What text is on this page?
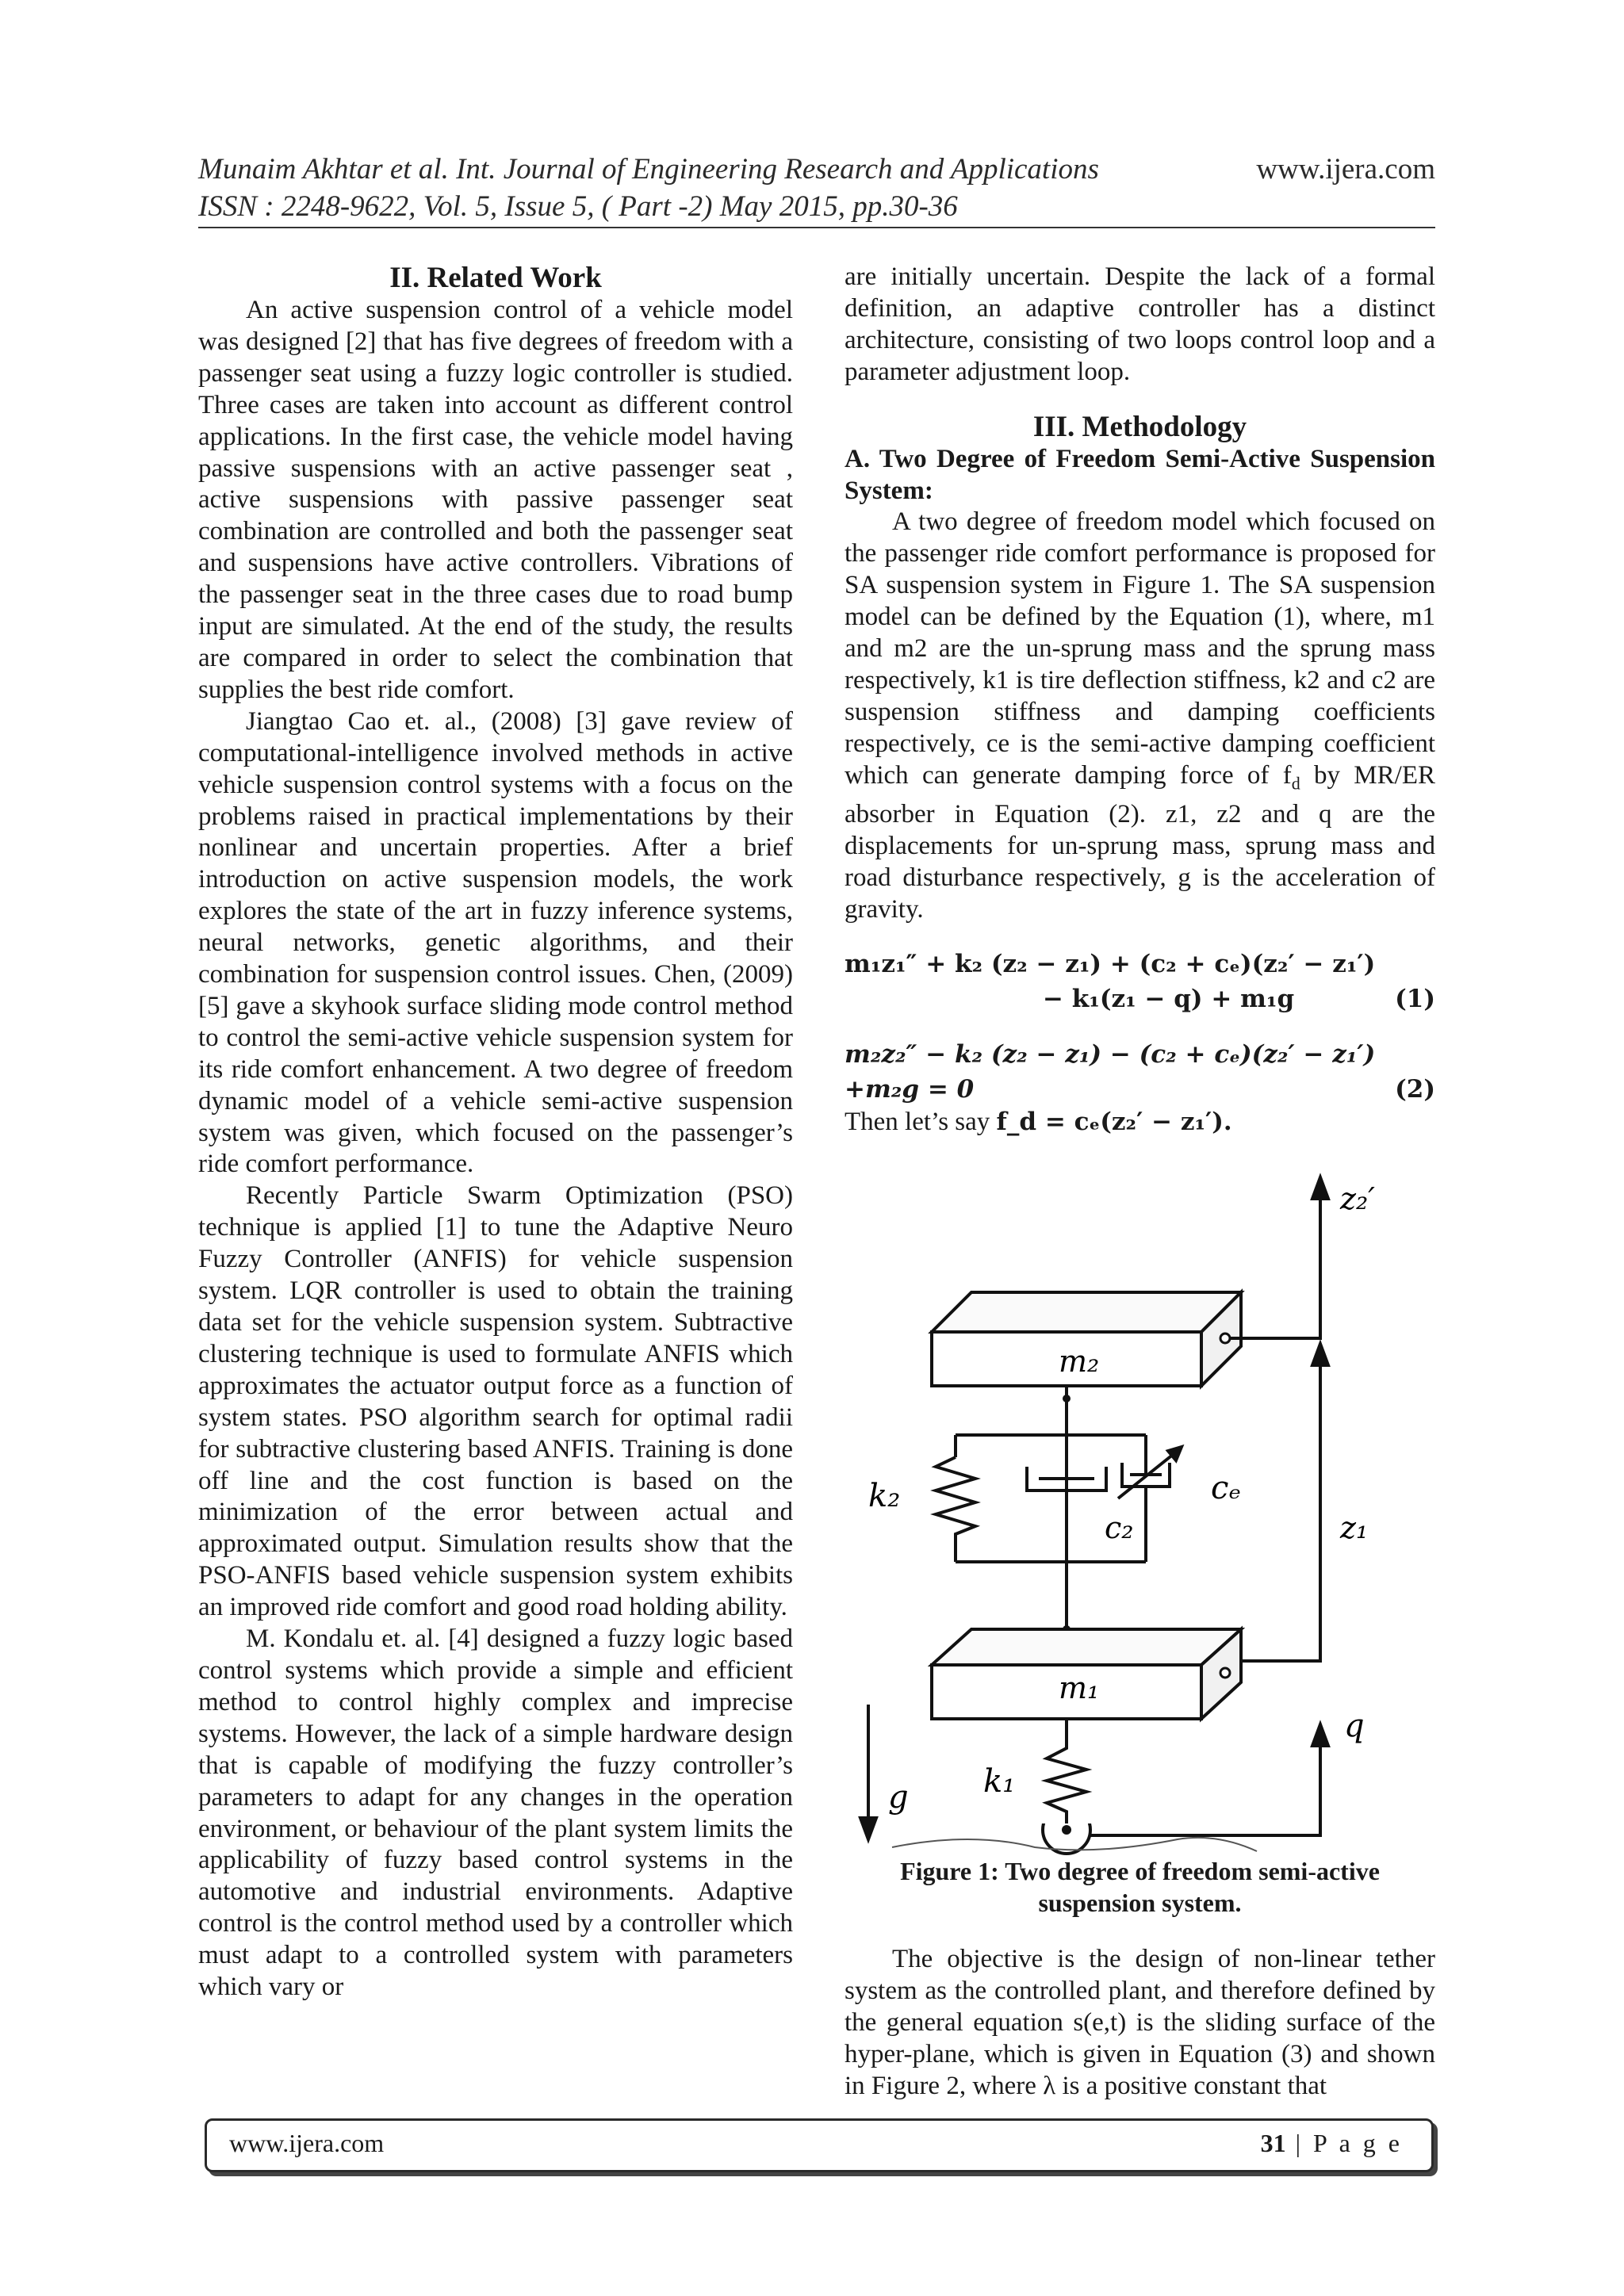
Munaim Akhtar et al. Int. Journal of Engineering Research and Applications	www.ijera.com
ISSN : 2248-9622, Vol. 5, Issue 5, ( Part -2) May 2015, pp.30-36

II. Related Work

An active suspension control of a vehicle model was designed [2] that has five degrees of freedom with a passenger seat using a fuzzy logic controller is studied. Three cases are taken into account as different control applications. In the first case, the vehicle model having passive suspensions with an active passenger seat , active suspensions with passive passenger seat combination are controlled and both the passenger seat and suspensions have active controllers. Vibrations of the passenger seat in the three cases due to road bump input are simulated. At the end of the study, the results are compared in order to select the combination that supplies the best ride comfort.

Jiangtao Cao et. al., (2008) [3] gave review of computational-intelligence involved methods in active vehicle suspension control systems with a focus on the problems raised in practical implementations by their nonlinear and uncertain properties. After a brief introduction on active suspension models, the work explores the state of the art in fuzzy inference systems, neural networks, genetic algorithms, and their combination for suspension control issues. Chen, (2009) [5] gave a skyhook surface sliding mode control method to control the semi-active vehicle suspension system for its ride comfort enhancement. A two degree of freedom dynamic model of a vehicle semi-active suspension system was given, which focused on the passenger’s ride comfort performance.

Recently Particle Swarm Optimization (PSO) technique is applied [1] to tune the Adaptive Neuro Fuzzy Controller (ANFIS) for vehicle suspension system. LQR controller is used to obtain the training data set for the vehicle suspension system. Subtractive clustering technique is used to formulate ANFIS which approximates the actuator output force as a function of system states. PSO algorithm search for optimal radii for subtractive clustering based ANFIS. Training is done off line and the cost function is based on the minimization of the error between actual and approximated output. Simulation results show that the PSO-ANFIS based vehicle suspension system exhibits an improved ride comfort and good road holding ability.

M. Kondalu et. al. [4] designed a fuzzy logic based control systems which provide a simple and efficient method to control highly complex and imprecise systems. However, the lack of a simple hardware design that is capable of modifying the fuzzy controller’s parameters to adapt for any changes in the operation environment, or behaviour of the plant system limits the applicability of fuzzy based control systems in the automotive and industrial environments. Adaptive control is the control method used by a controller which must adapt to a controlled system with parameters which vary or

are initially uncertain. Despite the lack of a formal definition, an adaptive controller has a distinct architecture, consisting of two loops control loop and a parameter adjustment loop.

III. Methodology

A. Two Degree of Freedom Semi-Active Suspension System:

A two degree of freedom model which focused on the passenger ride comfort performance is proposed for SA suspension system in Figure 1. The SA suspension model can be defined by the Equation (1), where, m1 and m2 are the un-sprung mass and the sprung mass respectively, k1 is tire deflection stiffness, k2 and c2 are suspension stiffness and damping coefficients respectively, ce is the semi-active damping coefficient which can generate damping force of $f_d$ by MR/ER absorber in Equation (2). z1, z2 and q are the displacements for un-sprung mass, sprung mass and road disturbance respectively, g is the acceleration of gravity.

m₁z₁″ + k₂ (z₂ − z₁) + (c₂ + cₑ)(z₂′ − z₁′)
− k₁(z₁ − q) + m₁g	(1)
m₂z₂″ − k₂ (z₂ − z₁) − (c₂ + cₑ)(z₂′ − z₁′)
+m₂g = 0	(2)

Then let’s say f_d = cₑ(z₂′ − z₁′).

m₂
z₂′
k₂
c₂
cₑ
z₁
m₁
k₁
q
g
Figure 1: Two degree of freedom semi-active suspension system.

The objective is the design of non-linear tether system as the controlled plant, and therefore defined by the general equation s(e,t) is the sliding surface of the hyper-plane, which is given in Equation (3) and shown in Figure 2, where λ is a positive constant that

www.ijera.com	31 | P a g e
